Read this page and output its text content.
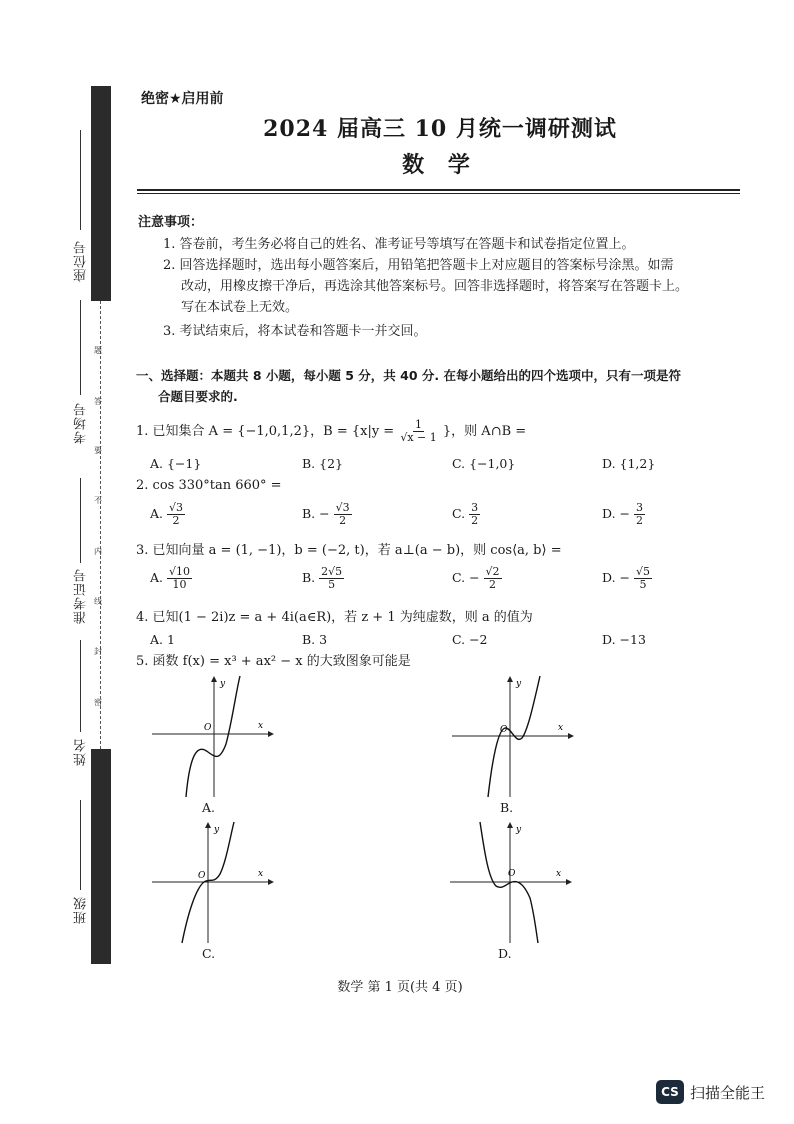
座位号
考场号
准考证号
姓名
班级
题
答
要
不
内
线
封
密
绝密★启用前
2024 届高三 10 月统一调研测试
数 学
注意事项：
1. 答卷前，考生务必将自己的姓名、准考证号等填写在答题卡和试卷指定位置上。
2. 回答选择题时，选出每小题答案后，用铅笔把答题卡上对应题目的答案标号涂黑。如需
改动，用橡皮擦干净后，再选涂其他答案标号。回答非选择题时，将答案写在答题卡上。
写在本试卷上无效。
3. 考试结束后，将本试卷和答题卡一并交回。
一、选择题：本题共 8 小题，每小题 5 分，共 40 分. 在每小题给出的四个选项中，只有一项是符
合题目要求的.
1. 已知集合 A = {−1,0,1,2}，$B = \{x|y = \frac{1}{√x - 1}$ }，则 A∩B =
A. {−1}	B. {2}	C. {−1,0}	D. {1,2}
2. cos 330°tan 660° =
A. $\frac{√3}{2}$	B. − $\frac{√3}{2}$	C. $\frac{3}{2}$	D. − $\frac{3}{2}$
3. 已知向量 a = (1, −1)，b = (−2, t)，若 a⊥(a − b)，则 cos⟨a, b⟩ =
A. $\frac{√10}{10}$	B. $\frac{2√5}{5}$	C. − $\frac{√2}{2}$	D. − $\frac{√5}{5}$
4. 已知(1 − 2i)z = a + 4i(a∈R)，若 z + 1 为纯虚数，则 a 的值为
A. 1	B. 3	C. −2	D. −13
5. 函数 f(x) = x³ + ax² − x 的大致图象可能是
x
y
O
A.
x
y
O
B.
x
y
O
C.
x
y
O
D.
数学 第 1 页(共 4 页)
CS 扫描全能王
